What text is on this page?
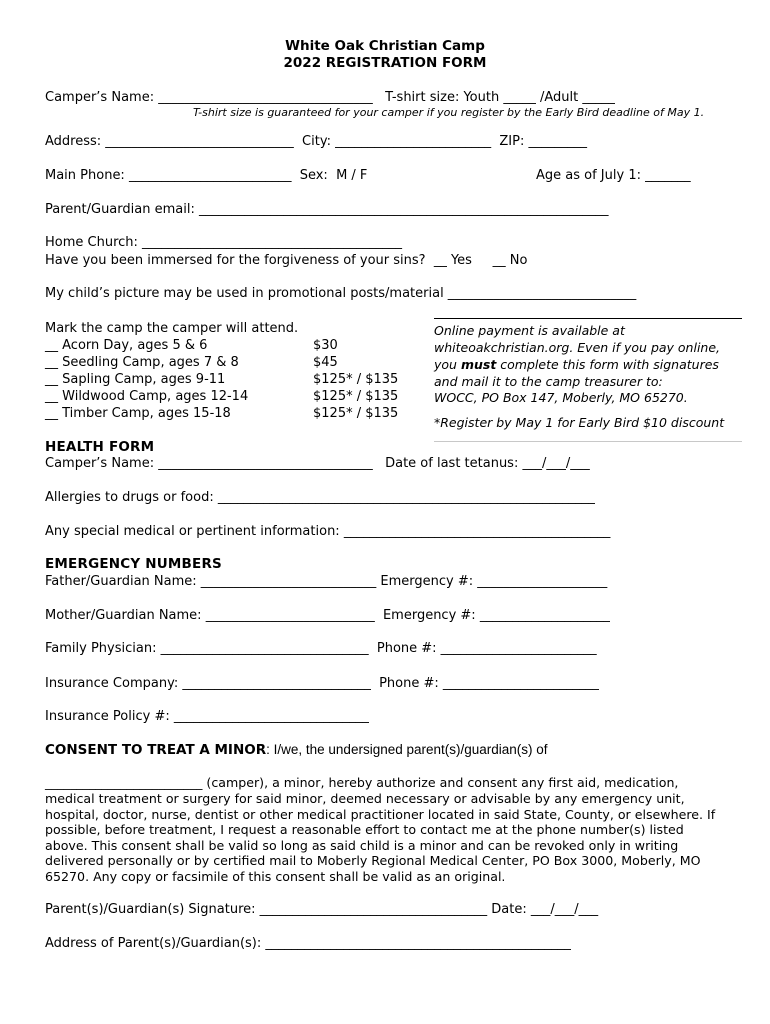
White Oak Christian Camp
2022 REGISTRATION FORM
Camper’s Name: _________________________________   T-shirt size: Youth _____ /Adult _____
T-shirt size is guaranteed for your camper if you register by the Early Bird deadline of May 1.
Address: _____________________________  City: ________________________  ZIP: _________
Main Phone: _________________________  Sex:  M / F	Age as of July 1: _______
Parent/Guardian email: _______________________________________________________________
Home Church: ________________________________________
Have you been immersed for the forgiveness of your sins?  __ Yes     __ No
My child’s picture may be used in promotional posts/material _____________________________
Mark the camp the camper will attend.
__ Acorn Day, ages 5 & 6	$30
__ Seedling Camp, ages 7 & 8	$45
__ Sapling Camp, ages 9-11	$125* / $135
__ Wildwood Camp, ages 12-14	$125* / $135
__ Timber Camp, ages 15-18	$125* / $135
Online payment is available at
whiteoakchristian.org. Even if you pay online,
you must complete this form with signatures
and mail it to the camp treasurer to:
WOCC, PO Box 147, Moberly, MO 65270.
*Register by May 1 for Early Bird $10 discount
HEALTH FORM
Camper’s Name: _________________________________   Date of last tetanus: ___/___/___
Allergies to drugs or food: __________________________________________________________
Any special medical or pertinent information: _________________________________________
EMERGENCY NUMBERS
Father/Guardian Name: ___________________________ Emergency #: ____________________
Mother/Guardian Name: __________________________  Emergency #: ____________________
Family Physician: ________________________________  Phone #: ________________________
Insurance Company: _____________________________  Phone #: ________________________
Insurance Policy #: ______________________________
CONSENT TO TREAT A MINOR: I/we, the undersigned parent(s)/guardian(s) of
_________________________ (camper), a minor, hereby authorize and consent any first aid, medication,
medical treatment or surgery for said minor, deemed necessary or advisable by any emergency unit,
hospital, doctor, nurse, dentist or other medical practitioner located in said State, County, or elsewhere. If
possible, before treatment, I request a reasonable effort to contact me at the phone number(s) listed
above. This consent shall be valid so long as said child is a minor and can be revoked only in writing
delivered personally or by certified mail to Moberly Regional Medical Center, PO Box 3000, Moberly, MO
65270. Any copy or facsimile of this consent shall be valid as an original.
Parent(s)/Guardian(s) Signature: ___________________________________ Date: ___/___/___
Address of Parent(s)/Guardian(s): _______________________________________________
